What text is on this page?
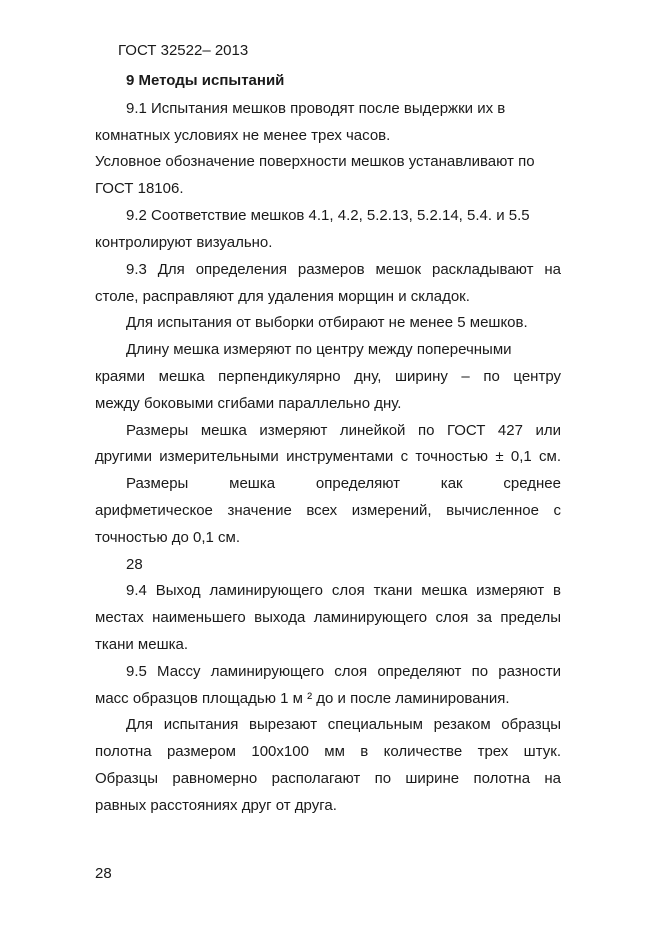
ГОСТ 32522– 2013
9 Методы испытаний
9.1 Испытания мешков проводят после выдержки их в
комнатных условиях не менее трех часов.
Условное обозначение поверхности мешков устанавливают по
ГОСТ 18106.
9.2 Соответствие мешков 4.1, 4.2, 5.2.13, 5.2.14, 5.4. и 5.5
контролируют визуально.
9.3 Для определения размеров мешок раскладывают на
столе, расправляют для удаления морщин и складок.
Для испытания от выборки отбирают не менее 5 мешков.
Длину мешка измеряют по центру между поперечными
краями мешка перпендикулярно дну, ширину – по центру
между боковыми сгибами параллельно дну.
Размеры мешка измеряют линейкой по ГОСТ 427 или
другими измерительными инструментами с точностью ± 0,1 см.
Размеры мешка определяют как среднее
арифметическое значение всех измерений, вычисленное с
точностью до 0,1 см.
28
9.4 Выход ламинирующего слоя ткани мешка измеряют в
местах наименьшего выхода ламинирующего слоя за пределы
ткани мешка.
9.5 Массу ламинирующего слоя определяют по разности
масс образцов площадью 1 м ² до и после ламинирования.
Для испытания вырезают специальным резаком образцы
полотна размером 100х100 мм в количестве трех штук.
Образцы равномерно располагают по ширине полотна на
равных расстояниях друг от друга.
28
